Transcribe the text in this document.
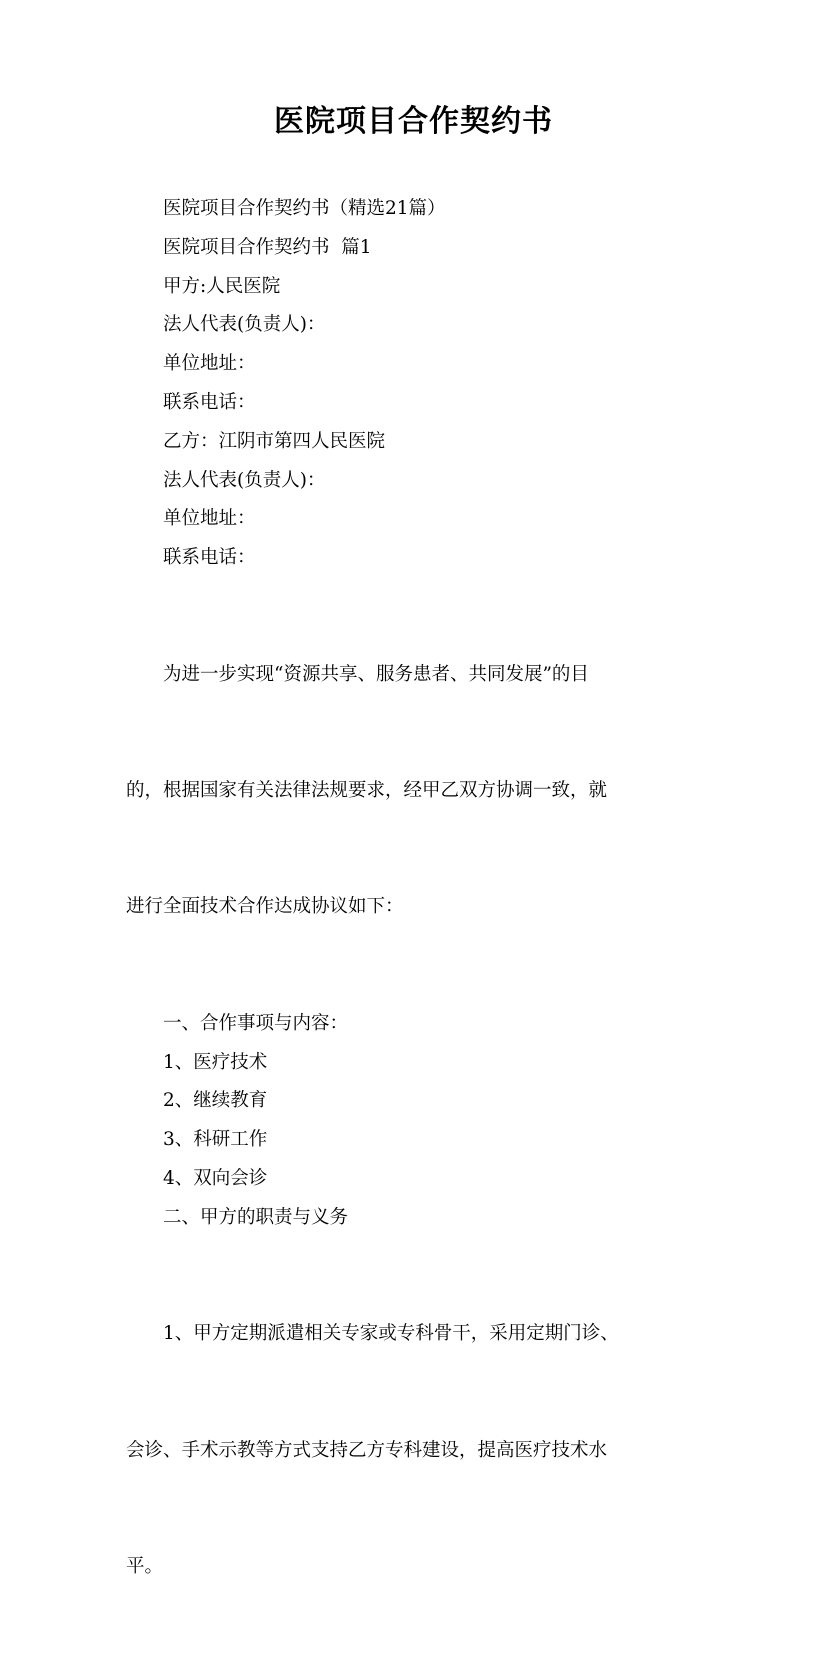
医院项目合作契约书

医院项目合作契约书（精选21篇）

医院项目合作契约书  篇1

甲方:人民医院

法人代表(负责人)：

单位地址：

联系电话：

乙方：江阴市第四人民医院

法人代表(负责人)：

单位地址：

联系电话：

为进一步实现“资源共享、服务患者、共同发展”的目

的，根据国家有关法律法规要求，经甲乙双方协调一致，就

进行全面技术合作达成协议如下：

一、合作事项与内容：

1、医疗技术

2、继续教育

3、科研工作

4、双向会诊

二、甲方的职责与义务

1、甲方定期派遣相关专家或专科骨干，采用定期门诊、

会诊、手术示教等方式支持乙方专科建设，提高医疗技术水

平。
